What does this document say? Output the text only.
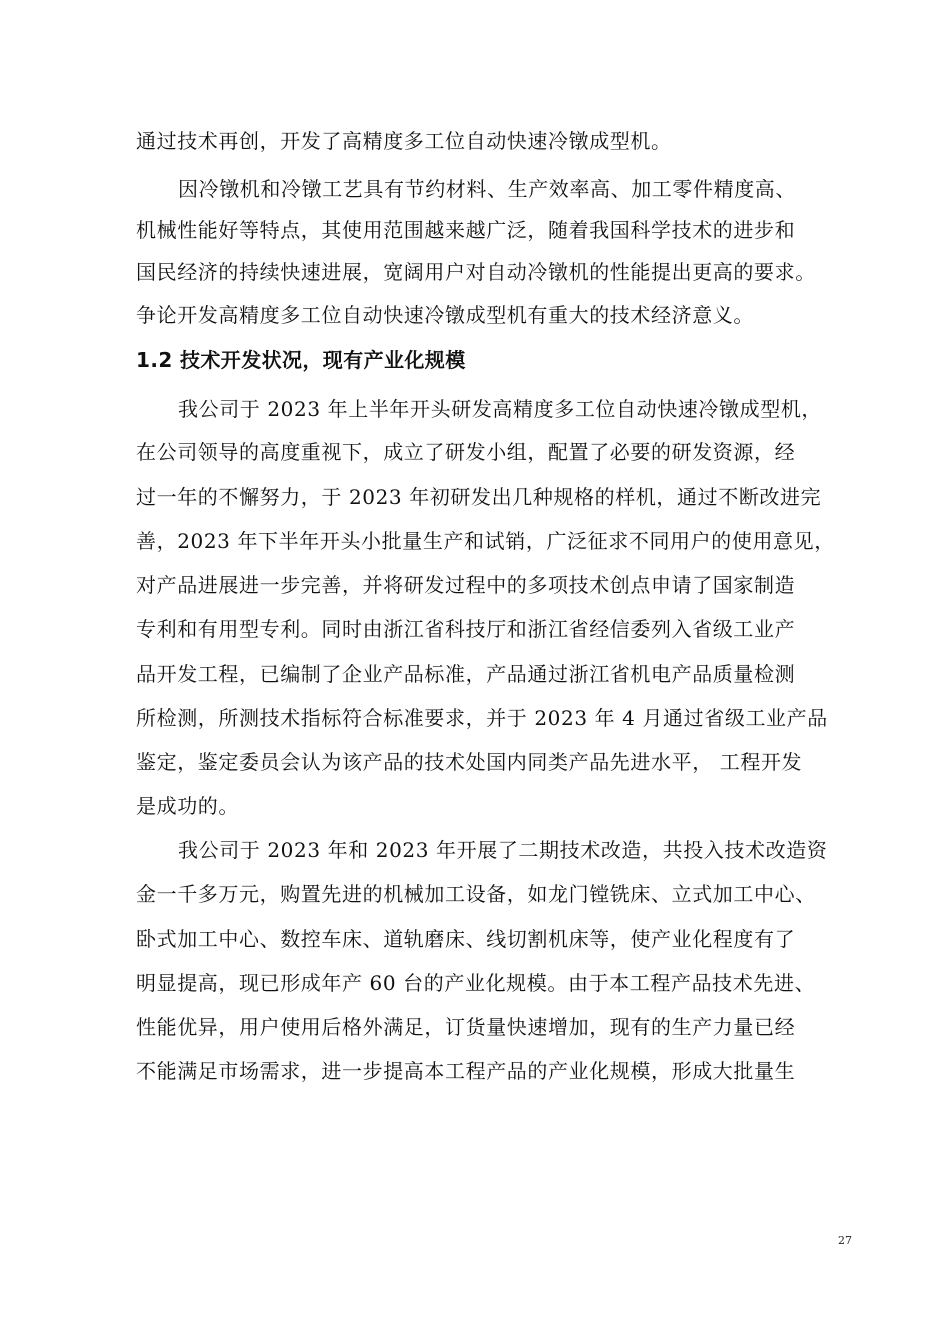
通过技术再创，开发了高精度多工位自动快速冷镦成型机。
因冷镦机和冷镦工艺具有节约材料、生产效率高、加工零件精度高、
机械性能好等特点，其使用范围越来越广泛，随着我国科学技术的进步和
国民经济的持续快速进展，宽阔用户对自动冷镦机的性能提出更高的要求。
争论开发高精度多工位自动快速冷镦成型机有重大的技术经济意义。
1.2 技术开发状况，现有产业化规模
我公司于 2023 年上半年开头研发高精度多工位自动快速冷镦成型机，
在公司领导的高度重视下，成立了研发小组，配置了必要的研发资源，经
过一年的不懈努力，于 2023 年初研发出几种规格的样机，通过不断改进完
善，2023 年下半年开头小批量生产和试销，广泛征求不同用户的使用意见，
对产品进展进一步完善，并将研发过程中的多项技术创点申请了国家制造
专利和有用型专利。同时由浙江省科技厅和浙江省经信委列入省级工业产
品开发工程，已编制了企业产品标准，产品通过浙江省机电产品质量检测
所检测，所测技术指标符合标准要求，并于 2023 年 4 月通过省级工业产品
鉴定，鉴定委员会认为该产品的技术处国内同类产品先进水平， 工程开发
是成功的。
我公司于 2023 年和 2023 年开展了二期技术改造，共投入技术改造资
金一千多万元，购置先进的机械加工设备，如龙门镗铣床、立式加工中心、
卧式加工中心、数控车床、道轨磨床、线切割机床等，使产业化程度有了
明显提高，现已形成年产 60 台的产业化规模。由于本工程产品技术先进、
性能优异，用户使用后格外满足，订货量快速增加，现有的生产力量已经
不能满足市场需求，进一步提高本工程产品的产业化规模，形成大批量生
27
